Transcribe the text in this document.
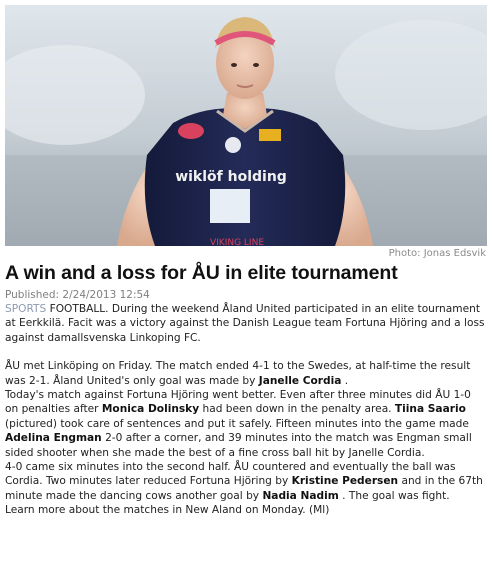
wiklöf holding
VIKING LINE
Photo: Jonas Edsvik
A win and a loss for ÅU in elite tournament
Published: 2/24/2013 12:54

SPORTS FOOTBALL. During the weekend Åland United participated in an elite tournament at Eerkkilä. Facit was a victory against the Danish League team Fortuna Hjöring and a loss against damallsvenska Linkoping FC.

ÅU met Linköping on Friday. The match ended 4-1 to the Swedes, at half-time the result was 2-1. Åland United's only goal was made by Janelle Cordia .

Today's match against Fortuna Hjöring went better. Even after three minutes did ÅU 1-0 on penalties after Monica Dolinsky had been down in the penalty area. Tiina Saario (pictured) took care of sentences and put it safely. Fifteen minutes into the game made Adelina Engman 2-0 after a corner, and 39 minutes into the match was Engman small sided shooter when she made the best of a fine cross ball hit by Janelle Cordia.

4-0 came six minutes into the second half. ÅU countered and eventually the ball was Cordia. Two minutes later reduced Fortuna Hjöring by Kristine Pedersen and in the 67th minute made the dancing cows another goal by Nadia Nadim . The goal was fight.

Learn more about the matches in New Aland on Monday. (Ml)
